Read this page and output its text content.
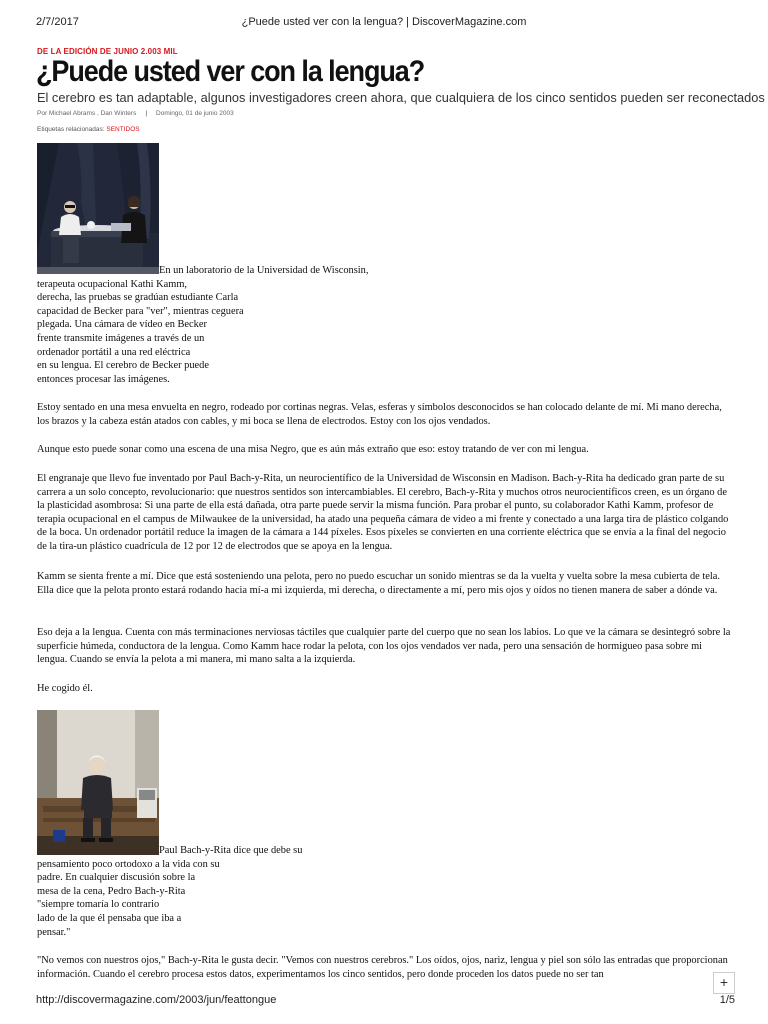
2/7/2017	¿Puede usted ver con la lengua? | DiscoverMagazine.com
DE LA EDICIÓN DE JUNIO 2.003 MIL
¿Puede usted ver con la lengua?
El cerebro es tan adaptable, algunos investigadores creen ahora, que cualquiera de los cinco sentidos pueden ser reconectados
Por Michael Abrams , Dan Winters | Domingo, 01 de junio 2003
Etiquetas relacionadas: SENTIDOS

En un laboratorio de la Universidad de Wisconsin,
terapeuta ocupacional Kathi Kamm,
derecha, las pruebas se gradúan estudiante Carla
capacidad de Becker para "ver", mientras ceguera
plegada. Una cámara de vídeo en Becker
frente transmite imágenes a través de un
ordenador portátil a una red eléctrica
en su lengua. El cerebro de Becker puede
entonces procesar las imágenes.

Estoy sentado en una mesa envuelta en negro, rodeado por cortinas negras. Velas, esferas y símbolos desconocidos se han colocado delante de mí. Mi mano derecha, los brazos y la cabeza están atados con cables, y mi boca se llena de electrodos. Estoy con los ojos vendados.

Aunque esto puede sonar como una escena de una misa Negro, que es aún más extraño que eso: estoy tratando de ver con mi lengua.

El engranaje que llevo fue inventado por Paul Bach-y-Rita, un neurocientífico de la Universidad de Wisconsin en Madison. Bach-y-Rita ha dedicado gran parte de su carrera a un solo concepto, revolucionario: que nuestros sentidos son intercambiables. El cerebro, Bach-y-Rita y muchos otros neurocientíficos creen, es un órgano de la plasticidad asombrosa: Si una parte de ella está dañada, otra parte puede servir la misma función. Para probar el punto, su colaborador Kathi Kamm, profesor de terapia ocupacional en el campus de Milwaukee de la universidad, ha atado una pequeña cámara de video a mi frente y conectado a una larga tira de plástico colgando de la boca. Un ordenador portátil reduce la imagen de la cámara a 144 píxeles. Esos píxeles se convierten en una corriente eléctrica que se envía a la final del negocio de la tira-un plástico cuadrícula de 12 por 12 de electrodos que se apoya en la lengua.

Kamm se sienta frente a mí. Dice que está sosteniendo una pelota, pero no puedo escuchar un sonido mientras se da la vuelta y vuelta sobre la mesa cubierta de tela. Ella dice que la pelota pronto estará rodando hacia mí-a mi izquierda, mi derecha, o directamente a mí, pero mis ojos y oídos no tienen manera de saber a dónde va.

Eso deja a la lengua. Cuenta con más terminaciones nerviosas táctiles que cualquier parte del cuerpo que no sean los labios. Lo que ve la cámara se desintegró sobre la superficie húmeda, conductora de la lengua. Como Kamm hace rodar la pelota, con los ojos vendados ver nada, pero una sensación de hormigueo pasa sobre mi lengua. Cuando se envía la pelota a mi manera, mi mano salta a la izquierda.

He cogido él.

Paul Bach-y-Rita dice que debe su
pensamiento poco ortodoxo a la vida con su
padre. En cualquier discusión sobre la
mesa de la cena, Pedro Bach-y-Rita
"siempre tomaría lo contrario
lado de la que él pensaba que iba a
pensar."

"No vemos con nuestros ojos," Bach-y-Rita le gusta decir. "Vemos con nuestros cerebros." Los oídos, ojos, nariz, lengua y piel son sólo las entradas que proporcionan información. Cuando el cerebro procesa estos datos, experimentamos los cinco sentidos, pero donde proceden los datos puede no ser tan	+
http://discovermagazine.com/2003/jun/feattongue	1/5
